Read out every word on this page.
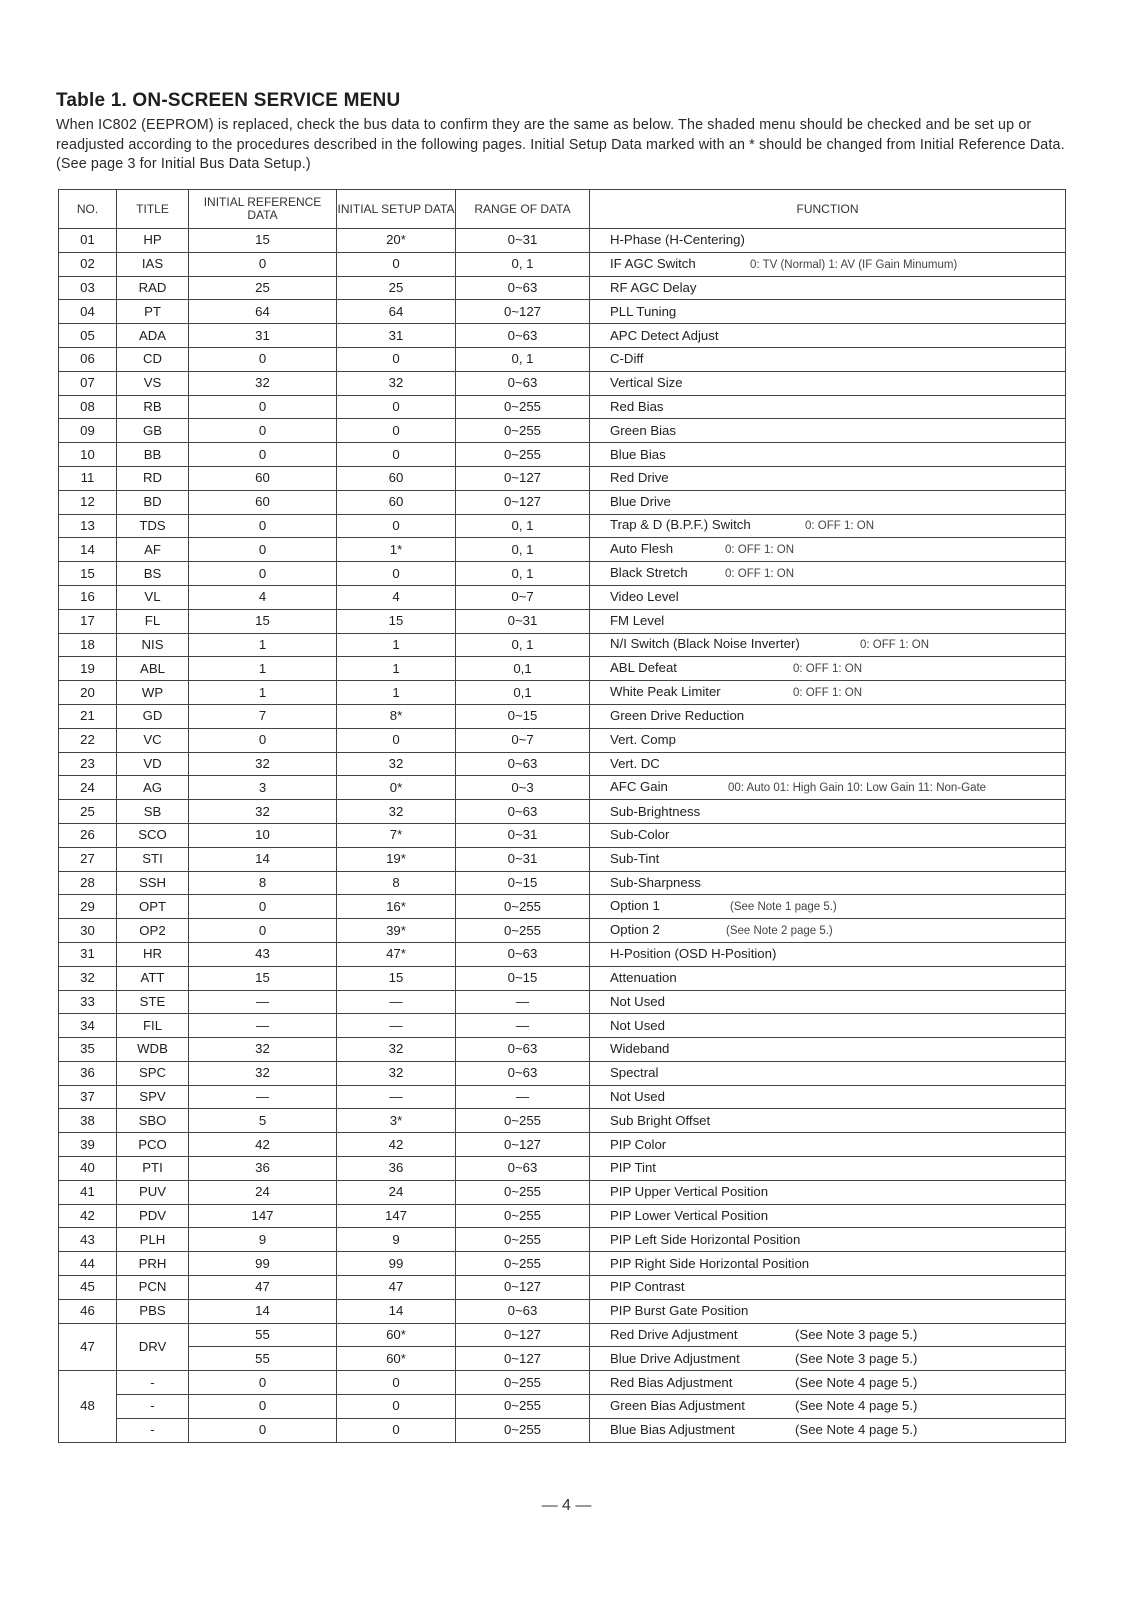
Table 1. ON-SCREEN SERVICE MENU
When IC802 (EEPROM) is replaced, check the bus data to confirm they are the same as below. The shaded menu should be checked and be set up or readjusted according to the procedures described in the following pages. Initial Setup Data marked with an * should be changed from Initial Reference Data. (See page 3 for Initial Bus Data Setup.)
NO.	TITLE	INITIAL REFERENCE DATA	INITIAL SETUP DATA	RANGE OF DATA	FUNCTION
01	HP	15	20*	0~31	H-Phase (H-Centering)
02	IAS	0	0	0, 1	IF AGC Switch 0: TV (Normal) 1: AV (IF Gain Minumum)
03	RAD	25	25	0~63	RF AGC Delay
04	PT	64	64	0~127	PLL Tuning
05	ADA	31	31	0~63	APC Detect Adjust
06	CD	0	0	0, 1	C-Diff
07	VS	32	32	0~63	Vertical Size
08	RB	0	0	0~255	Red Bias
09	GB	0	0	0~255	Green Bias
10	BB	0	0	0~255	Blue Bias
11	RD	60	60	0~127	Red Drive
12	BD	60	60	0~127	Blue Drive
13	TDS	0	0	0, 1	Trap & D (B.P.F.) Switch 0: OFF 1: ON
14	AF	0	1*	0, 1	Auto Flesh 0: OFF 1: ON
15	BS	0	0	0, 1	Black Stretch 0: OFF 1: ON
16	VL	4	4	0~7	Video Level
17	FL	15	15	0~31	FM Level
18	NIS	1	1	0, 1	N/I Switch (Black Noise Inverter) 0: OFF 1: ON
19	ABL	1	1	0,1	ABL Defeat 0: OFF 1: ON
20	WP	1	1	0,1	White Peak Limiter 0: OFF 1: ON
21	GD	7	8*	0~15	Green Drive Reduction
22	VC	0	0	0~7	Vert. Comp
23	VD	32	32	0~63	Vert. DC
24	AG	3	0*	0~3	AFC Gain 00: Auto 01: High Gain 10: Low Gain 11: Non-Gate
25	SB	32	32	0~63	Sub-Brightness
26	SCO	10	7*	0~31	Sub-Color
27	STI	14	19*	0~31	Sub-Tint
28	SSH	8	8	0~15	Sub-Sharpness
29	OPT	0	16*	0~255	Option 1 (See Note 1 page 5.)
30	OP2	0	39*	0~255	Option 2 (See Note 2 page 5.)
31	HR	43	47*	0~63	H-Position (OSD H-Position)
32	ATT	15	15	0~15	Attenuation
33	STE	—	—	—	Not Used
34	FIL	—	—	—	Not Used
35	WDB	32	32	0~63	Wideband
36	SPC	32	32	0~63	Spectral
37	SPV	—	—	—	Not Used
38	SBO	5	3*	0~255	Sub Bright Offset
39	PCO	42	42	0~127	PIP Color
40	PTI	36	36	0~63	PIP Tint
41	PUV	24	24	0~255	PIP Upper Vertical Position
42	PDV	147	147	0~255	PIP Lower Vertical Position
43	PLH	9	9	0~255	PIP Left Side Horizontal Position
44	PRH	99	99	0~255	PIP Right Side Horizontal Position
45	PCN	47	47	0~127	PIP Contrast
46	PBS	14	14	0~63	PIP Burst Gate Position
47	DRV	55	60*	0~127	Red Drive Adjustment (See Note 3 page 5.)
		55	60*	0~127	Blue Drive Adjustment (See Note 3 page 5.)
48	-	0	0	0~255	Red Bias Adjustment (See Note 4 page 5.)
	-	0	0	0~255	Green Bias Adjustment (See Note 4 page 5.)
	-	0	0	0~255	Blue Bias Adjustment (See Note 4 page 5.)
— 4 —
